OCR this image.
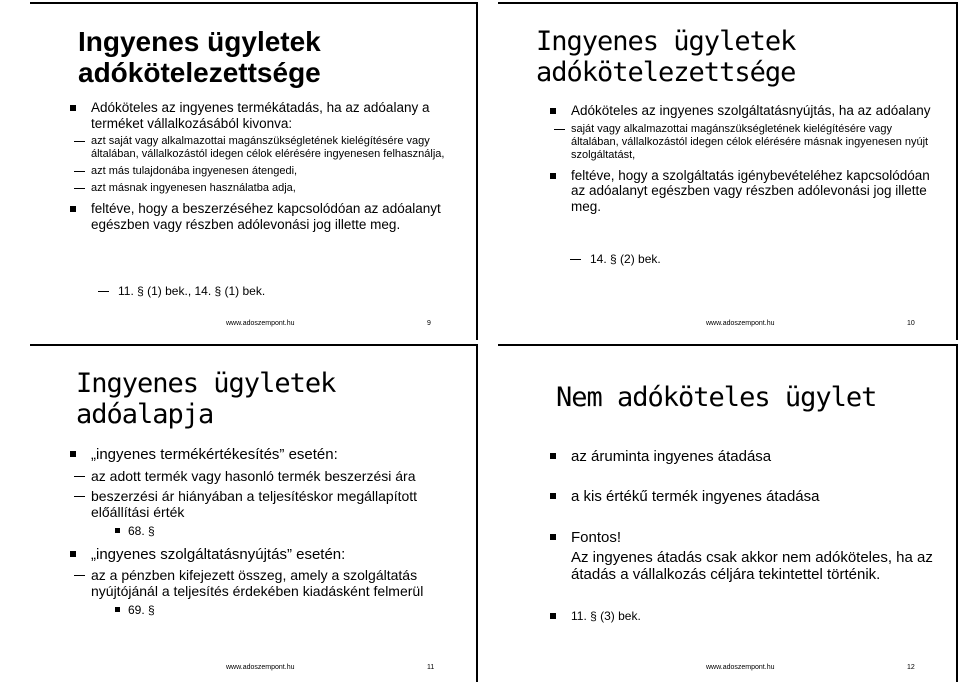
Ingyenes ügyletek adókötelezettsége
Adóköteles az ingyenes termékátadás, ha az adóalany a terméket vállalkozásából kivonva:
azt saját vagy alkalmazottai magánszükségletének kielégítésére vagy általában, vállalkozástól idegen célok elérésére ingyenesen felhasználja,
azt más tulajdonába ingyenesen átengedi,
azt másnak ingyenesen használatba adja,
feltéve, hogy a beszerzéséhez kapcsolódóan az adóalanyt egészben vagy részben adólevonási jog illette meg.
11. § (1) bek., 14. § (1) bek.
www.adoszempont.hu	9
Ingyenes ügyletek adókötelezettsége
Adóköteles az ingyenes szolgáltatásnyújtás, ha az adóalany
saját vagy alkalmazottai magánszükségletének kielégítésére vagy általában, vállalkozástól idegen célok elérésére másnak ingyenesen nyújt szolgáltatást,
feltéve, hogy a szolgáltatás igénybevételéhez kapcsolódóan az adóalanyt egészben vagy részben adólevonási jog illette meg.
14. § (2) bek.
www.adoszempont.hu	10
Ingyenes ügyletek adóalapja
„ingyenes termékértékesítés” esetén:
az adott termék vagy hasonló termék beszerzési ára
beszerzési ár hiányában a teljesítéskor megállapított előállítási érték
68. §
„ingyenes szolgáltatásnyújtás” esetén:
az a pénzben kifejezett összeg, amely a szolgáltatás nyújtójánál a teljesítés érdekében kiadásként felmerül
69. §
www.adoszempont.hu	11
Nem adóköteles ügylet
az áruminta ingyenes átadása
a kis értékű termék ingyenes átadása
Fontos!
Az ingyenes átadás csak akkor nem adóköteles, ha az átadás a vállalkozás céljára tekintettel történik.
11. § (3) bek.
www.adoszempont.hu	12
